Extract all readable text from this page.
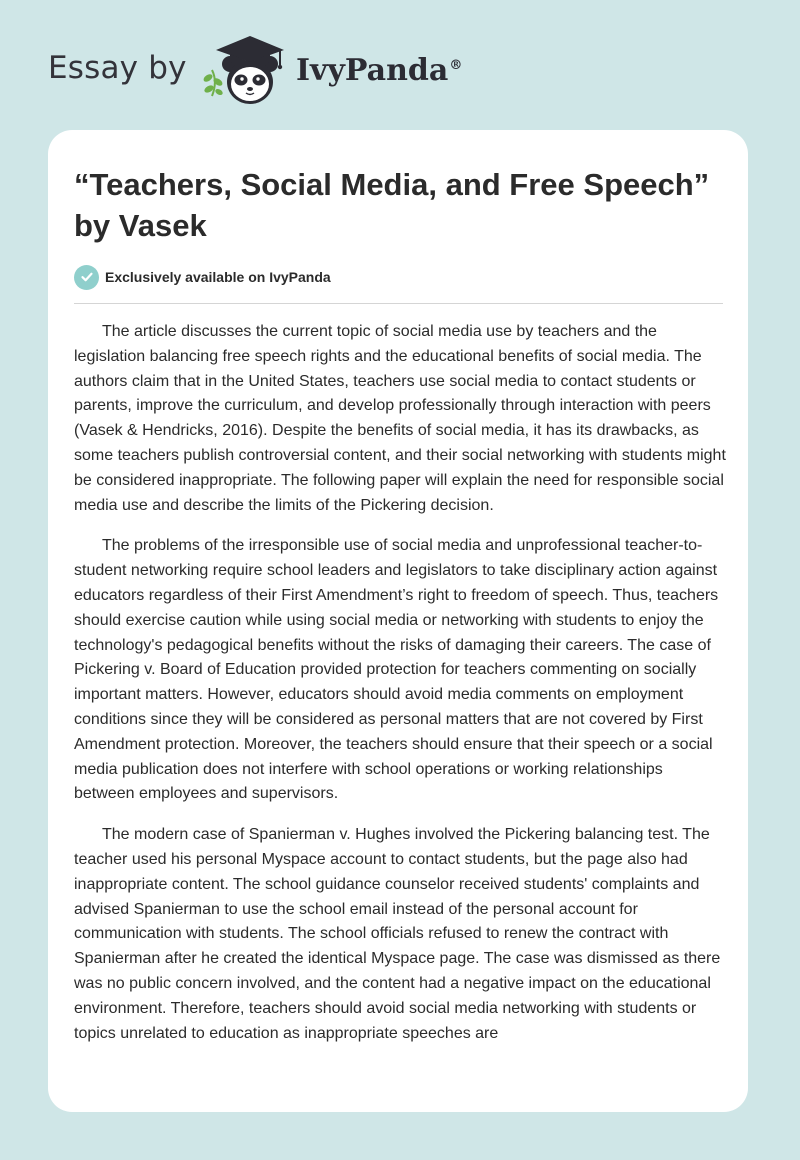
Essay by	IvyPanda®
“Teachers, Social Media, and Free Speech” by Vasek
Exclusively available on IvyPanda

The article discusses the current topic of social media use by teachers and the legislation balancing free speech rights and the educational benefits of social media. The authors claim that in the United States, teachers use social media to contact students or parents, improve the curriculum, and develop professionally through interaction with peers (Vasek & Hendricks, 2016). Despite the benefits of social media, it has its drawbacks, as some teachers publish controversial content, and their social networking with students might be considered inappropriate. The following paper will explain the need for responsible social media use and describe the limits of the Pickering decision.

The problems of the irresponsible use of social media and unprofessional teacher-to-student networking require school leaders and legislators to take disciplinary action against educators regardless of their First Amendment’s right to freedom of speech. Thus, teachers should exercise caution while using social media or networking with students to enjoy the technology's pedagogical benefits without the risks of damaging their careers. The case of Pickering v. Board of Education provided protection for teachers commenting on socially important matters. However, educators should avoid media comments on employment conditions since they will be considered as personal matters that are not covered by First Amendment protection. Moreover, the teachers should ensure that their speech or a social media publication does not interfere with school operations or working relationships between employees and supervisors.

The modern case of Spanierman v. Hughes involved the Pickering balancing test. The teacher used his personal Myspace account to contact students, but the page also had inappropriate content. The school guidance counselor received students' complaints and advised Spanierman to use the school email instead of the personal account for communication with students. The school officials refused to renew the contract with Spanierman after he created the identical Myspace page. The case was dismissed as there was no public concern involved, and the content had a negative impact on the educational environment. Therefore, teachers should avoid social media networking with students or topics unrelated to education as inappropriate speeches are
